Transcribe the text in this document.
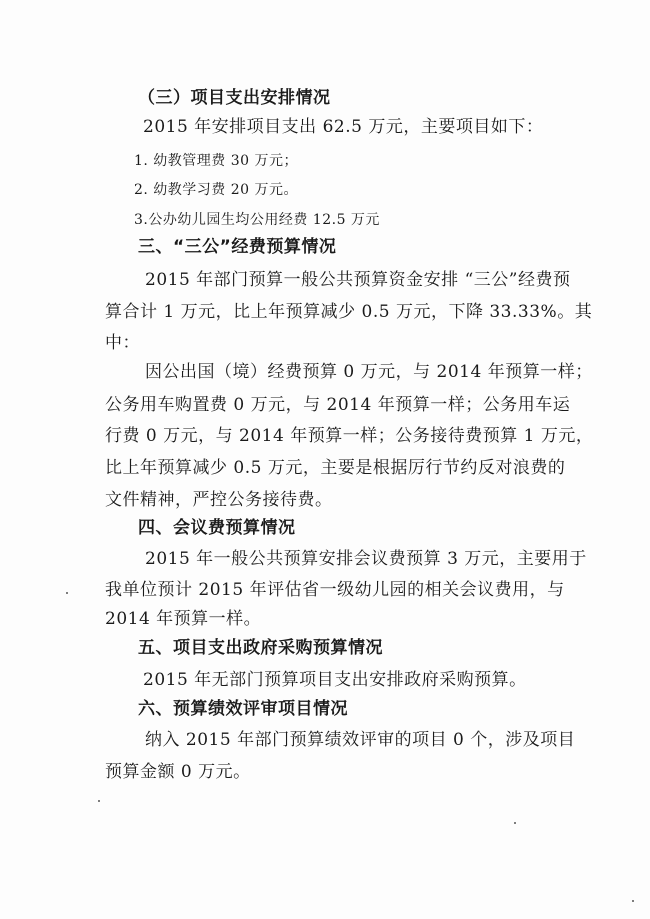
（三）项目支出安排情况
2015 年安排项目支出 62.5 万元，主要项目如下：
1. 幼教管理费 30 万元；
2. 幼教学习费 20 万元。
3.公办幼儿园生均公用经费 12.5 万元
三、“三公”经费预算情况
2015 年部门预算一般公共预算资金安排 “三公”经费预
算合计 1 万元，比上年预算减少 0.5 万元，下降 33.33%。其
中：
因公出国（境）经费预算 0 万元，与 2014 年预算一样；
公务用车购置费 0 万元，与 2014 年预算一样；公务用车运
行费 0 万元，与 2014 年预算一样；公务接待费预算 1 万元，
比上年预算减少 0.5 万元，主要是根据厉行节约反对浪费的
文件精神，严控公务接待费。
四、会议费预算情况
2015 年一般公共预算安排会议费预算 3 万元，主要用于
我单位预计 2015 年评估省一级幼儿园的相关会议费用，与
2014 年预算一样。
五、项目支出政府采购预算情况
2015 年无部门预算项目支出安排政府采购预算。
六、预算绩效评审项目情况
纳入 2015 年部门预算绩效评审的项目 0 个，涉及项目
预算金额 0 万元。
